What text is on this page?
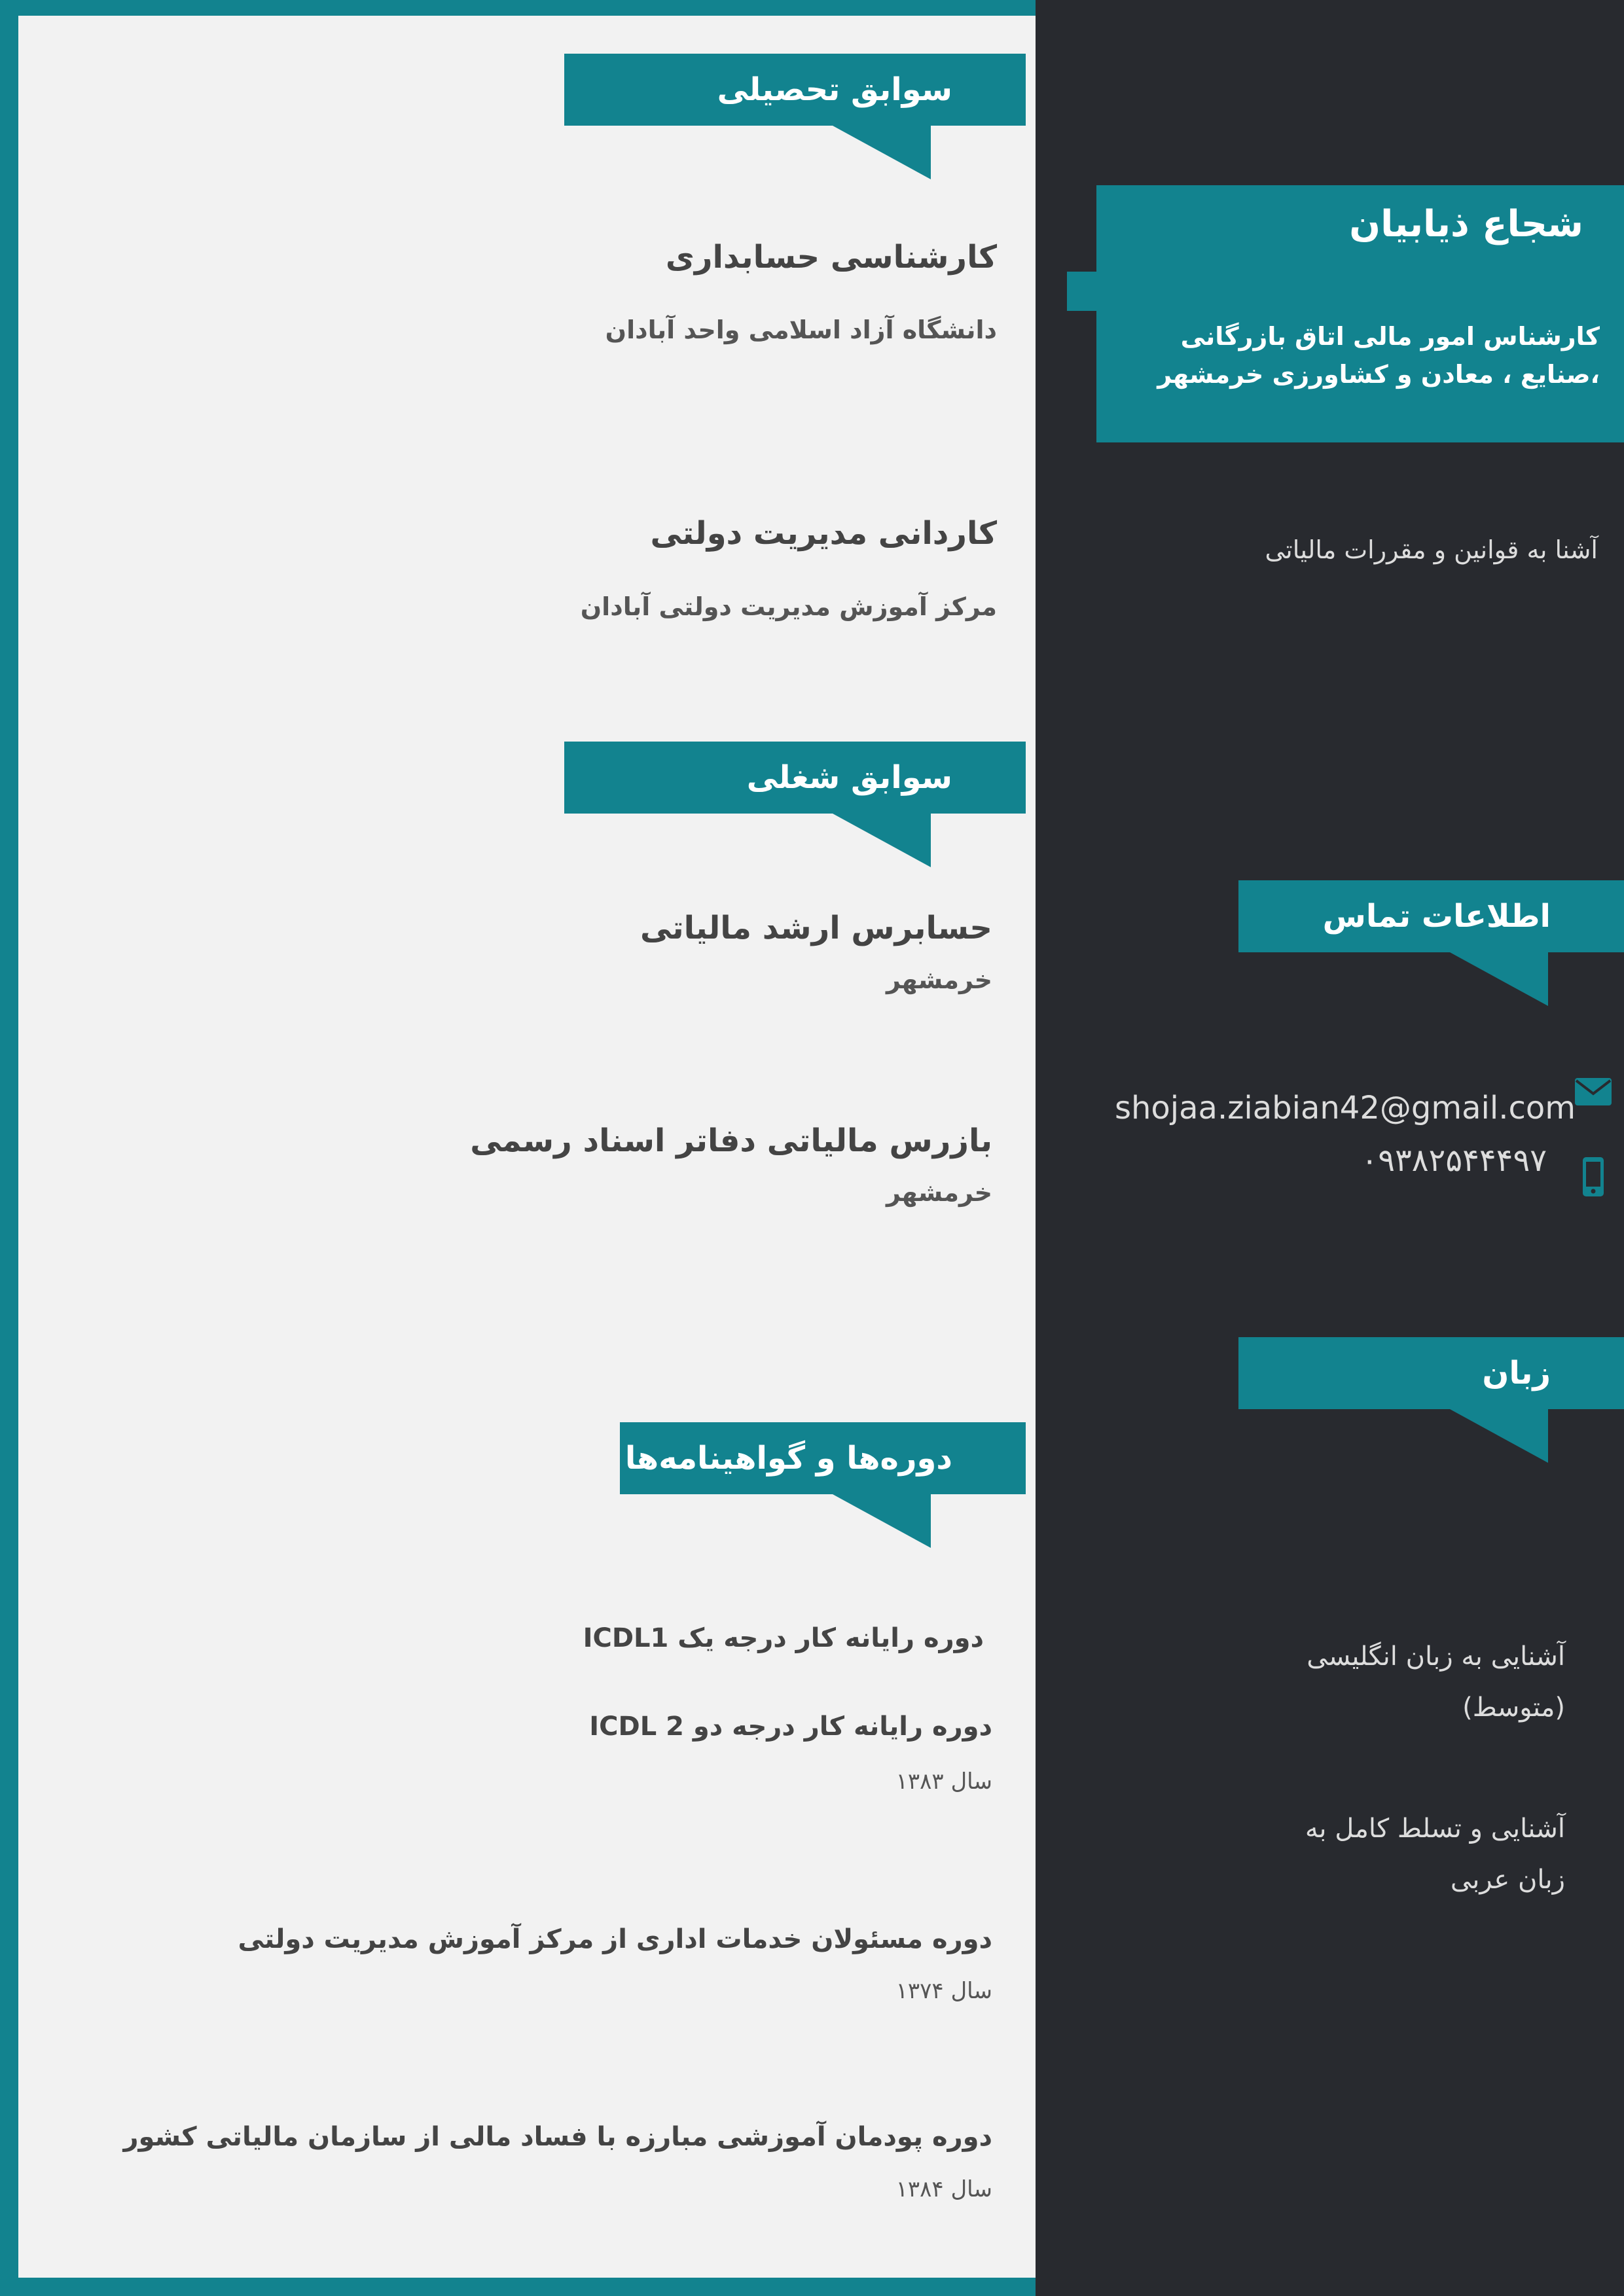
سوابق تحصیلی
کارشناسی حسابداری
دانشگاه آزاد اسلامی واحد آبادان
کاردانی مدیریت دولتی
مرکز آموزش مدیریت دولتی آبادان
سوابق شغلی
حسابرس ارشد مالیاتی
خرمشهر
بازرس مالیاتی دفاتر اسناد رسمی
خرمشهر
دوره‌ها و گواهینامه‌ها
دوره رایانه کار درجه یک ICDL1
دوره رایانه کار درجه دو ICDL 2
سال ۱۳۸۳
دوره مسئولان خدمات اداری از مرکز آموزش مدیریت دولتی
سال ۱۳۷۴
دوره پودمان آموزشی مبارزه با فساد مالی از سازمان مالیاتی کشور
سال ۱۳۸۴
شجاع ذیابیان
کارشناس امور مالی اتاق بازرگانی ،صنایع ، معادن و کشاورزی خرمشهر
آشنا به قوانین و مقررات مالیاتی
اطلاعات تماس
shojaa.ziabian42@gmail.com
۰۹۳۸۲۵۴۴۴۹۷
زبان
آشنایی به زبان انگلیسی (متوسط)
آشنایی و تسلط کامل به زبان عربی
